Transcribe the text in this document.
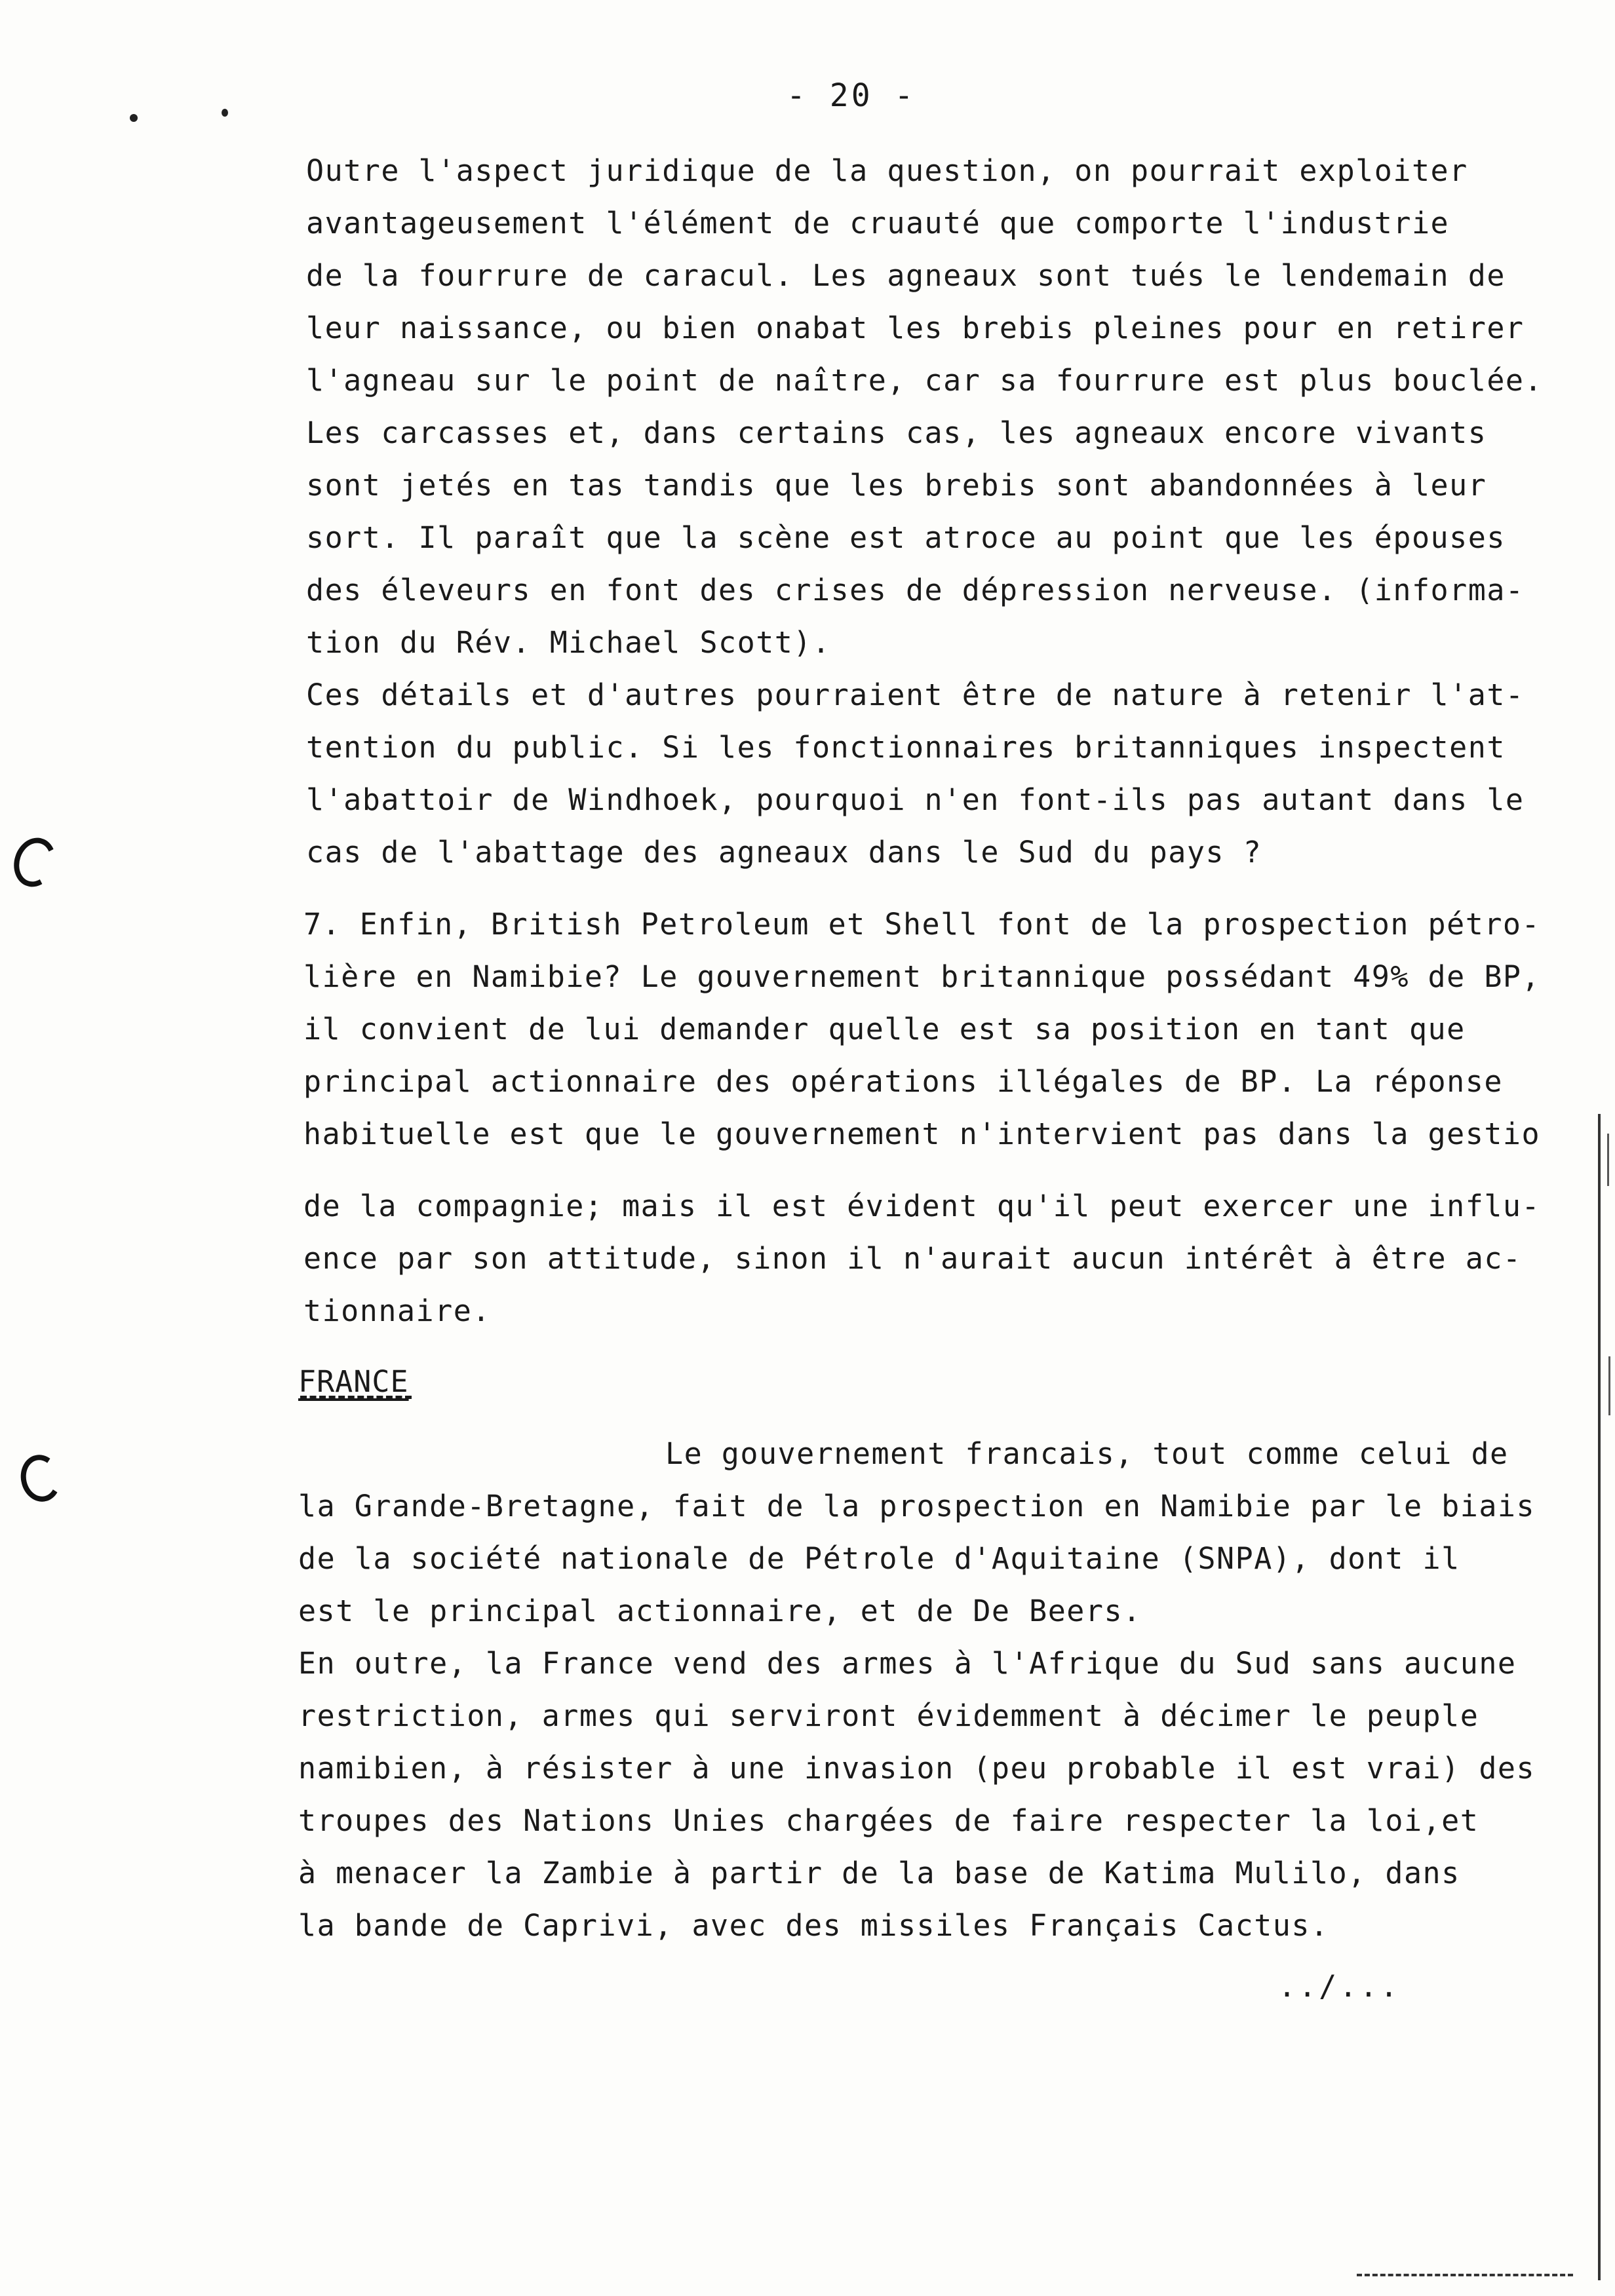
- 20 -
Outre l'aspect juridique de la question, on pourrait exploiter
avantageusement l'élément de cruauté que comporte l'industrie
de la fourrure de caracul. Les agneaux sont tués le lendemain de
leur naissance, ou bien onabat les brebis pleines pour en retirer
l'agneau sur le point de naître, car sa fourrure est plus bouclée.
Les carcasses et, dans certains cas, les agneaux encore vivants
sont jetés en tas tandis que les brebis sont abandonnées à leur
sort. Il paraît que la scène est atroce au point que les épouses
des éleveurs en font des crises de dépression nerveuse. (informa-
tion du Rév. Michael Scott).
Ces détails et d'autres pourraient être de nature à retenir l'at-
tention du public. Si les fonctionnaires britanniques inspectent
l'abattoir de Windhoek, pourquoi n'en font-ils pas autant dans le
cas de l'abattage des agneaux dans le Sud du pays ?
7. Enfin, British Petroleum et Shell font de la prospection pétro-
lière en Namibie? Le gouvernement britannique possédant 49% de BP,
il convient de lui demander quelle est sa position en tant que
principal actionnaire des opérations illégales de BP. La réponse
habituelle est que le gouvernement n'intervient pas dans la gestio
de la compagnie; mais il est évident qu'il peut exercer une influ-
ence par son attitude, sinon il n'aurait aucun intérêt à être ac-
tionnaire.
FRANCE
Le gouvernement francais, tout comme celui de
la Grande-Bretagne, fait de la prospection en Namibie par le biais
de la société nationale de Pétrole d'Aquitaine (SNPA), dont il
est le principal actionnaire, et de De Beers.
En outre, la France vend des armes à l'Afrique du Sud sans aucune
restriction, armes qui serviront évidemment à décimer le peuple
namibien, à résister à une invasion (peu probable il est vrai) des
troupes des Nations Unies chargées de faire respecter la loi,et
à menacer la Zambie à partir de la base de Katima Mulilo, dans
la bande de Caprivi, avec des missiles Français Cactus.
../...
